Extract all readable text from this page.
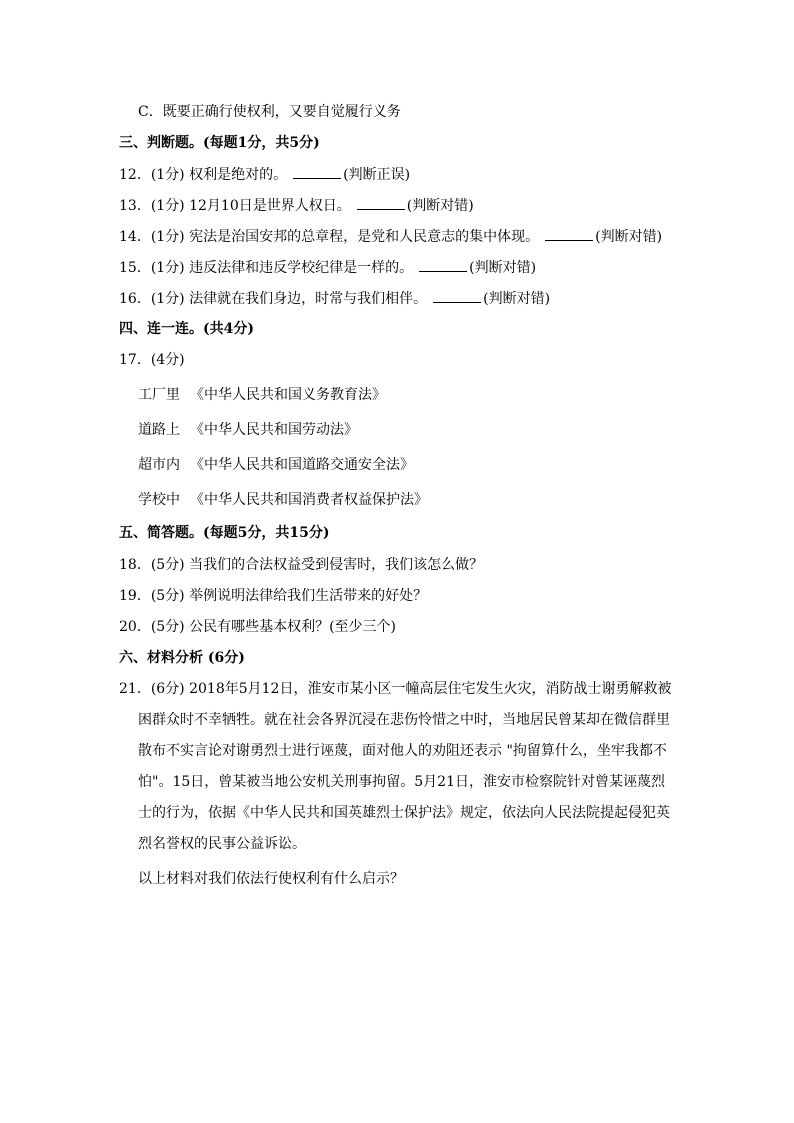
C．既要正确行使权利，又要自觉履行义务
三、判断题。(每题1分，共5分)
12．(1分) 权利是绝对的。	(判断正误)
13．(1分) 12月10日是世界人权日。	(判断对错)
14．(1分) 宪法是治国安邦的总章程，是党和人民意志的集中体现。	(判断对错)
15．(1分) 违反法律和违反学校纪律是一样的。	(判断对错)
16．(1分) 法律就在我们身边，时常与我们相伴。	(判断对错)
四、连一连。(共4分)
17．(4分)
工厂里 《中华人民共和国义务教育法》
道路上 《中华人民共和国劳动法》
超市内 《中华人民共和国道路交通安全法》
学校中 《中华人民共和国消费者权益保护法》
五、简答题。(每题5分，共15分)
18．(5分) 当我们的合法权益受到侵害时，我们该怎么做？
19．(5分) 举例说明法律给我们生活带来的好处？
20．(5分) 公民有哪些基本权利？(至少三个)
六、材料分析 (6分)
21．(6分) 2018年5月12日，淮安市某小区一幢高层住宅发生火灾，消防战士谢勇解救被
困群众时不幸牺牲。就在社会各界沉浸在悲伤怜惜之中时，当地居民曾某却在微信群里
散布不实言论对谢勇烈士进行诬蔑，面对他人的劝阻还表示 "拘留算什么，坐牢我都不
怕"。15日，曾某被当地公安机关刑事拘留。5月21日，淮安市检察院针对曾某诬蔑烈
士的行为，依据《中华人民共和国英雄烈士保护法》规定，依法向人民法院提起侵犯英
烈名誉权的民事公益诉讼。
以上材料对我们依法行使权利有什么启示？
